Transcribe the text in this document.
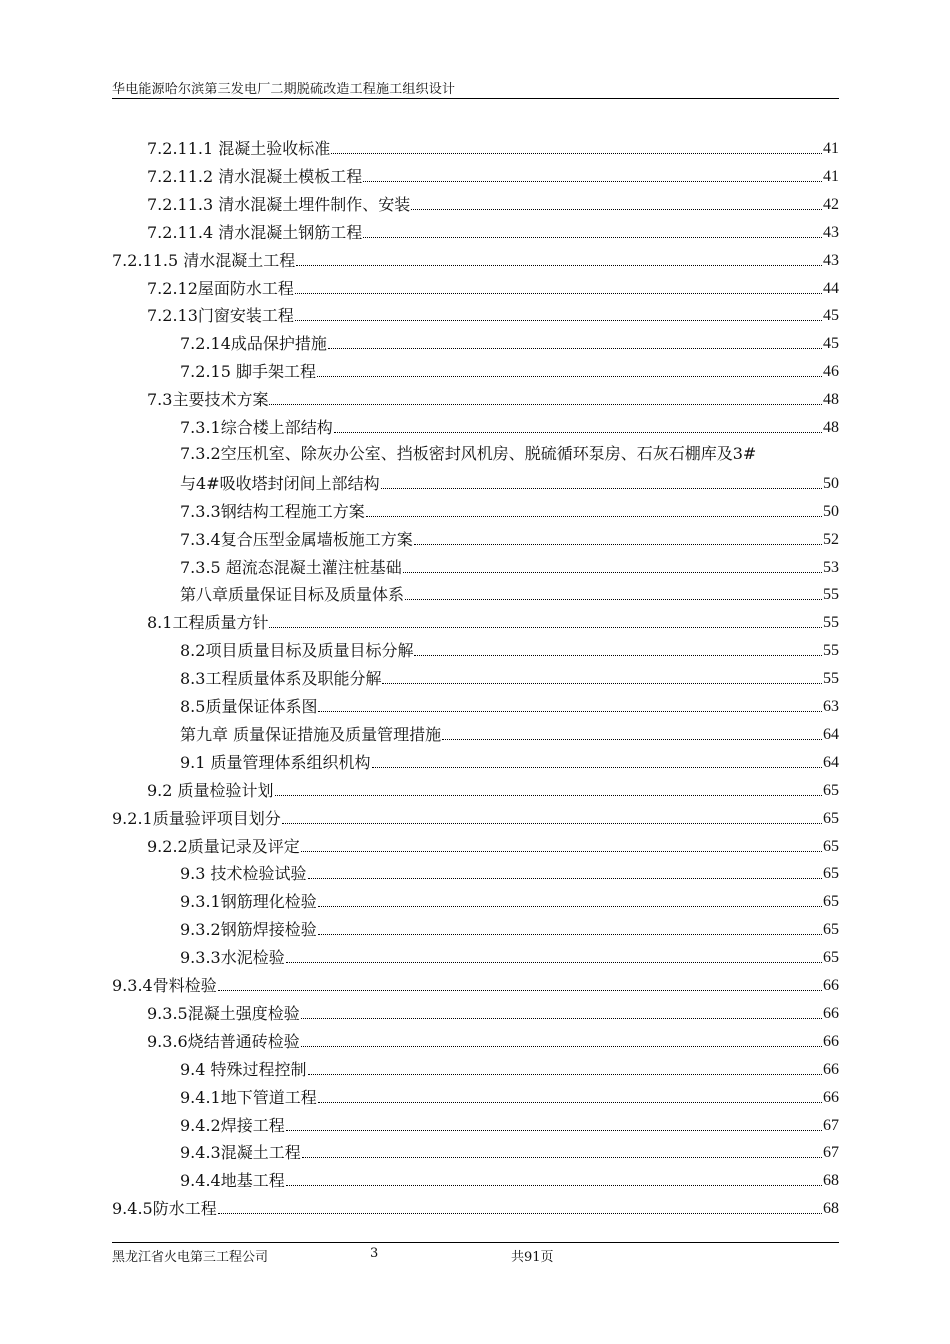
华电能源哈尔滨第三发电厂二期脱硫改造工程施工组织设计
7.2.11.1 混凝土验收标准	41
7.2.11.2 清水混凝土模板工程	41
7.2.11.3 清水混凝土埋件制作、安装	42
7.2.11.4 清水混凝土钢筋工程	43
7.2.11.5 清水混凝土工程	43
7.2.12屋面防水工程	44
7.2.13门窗安装工程	45
7.2.14成品保护措施	45
7.2.15 脚手架工程	46
7.3主要技术方案	48
7.3.1综合楼上部结构	48
7.3.2空压机室、除灰办公室、挡板密封风机房、脱硫循环泵房、石灰石棚库及3#
与4#吸收塔封闭间上部结构	50
7.3.3钢结构工程施工方案	50
7.3.4复合压型金属墙板施工方案	52
7.3.5 超流态混凝土灌注桩基础	53
第八章质量保证目标及质量体系	55
8.1工程质量方针	55
8.2项目质量目标及质量目标分解	55
8.3工程质量体系及职能分解	55
8.5质量保证体系图	63
第九章 质量保证措施及质量管理措施	64
9.1 质量管理体系组织机构	64
9.2 质量检验计划	65
9.2.1质量验评项目划分	65
9.2.2质量记录及评定	65
9.3 技术检验试验	65
9.3.1钢筋理化检验	65
9.3.2钢筋焊接检验	65
9.3.3水泥检验	65
9.3.4骨料检验	66
9.3.5混凝土强度检验	66
9.3.6烧结普通砖检验	66
9.4 特殊过程控制	66
9.4.1地下管道工程	66
9.4.2焊接工程	67
9.4.3混凝土工程	67
9.4.4地基工程	68
9.4.5防水工程	68
黑龙江省火电第三工程公司	3	共91页
